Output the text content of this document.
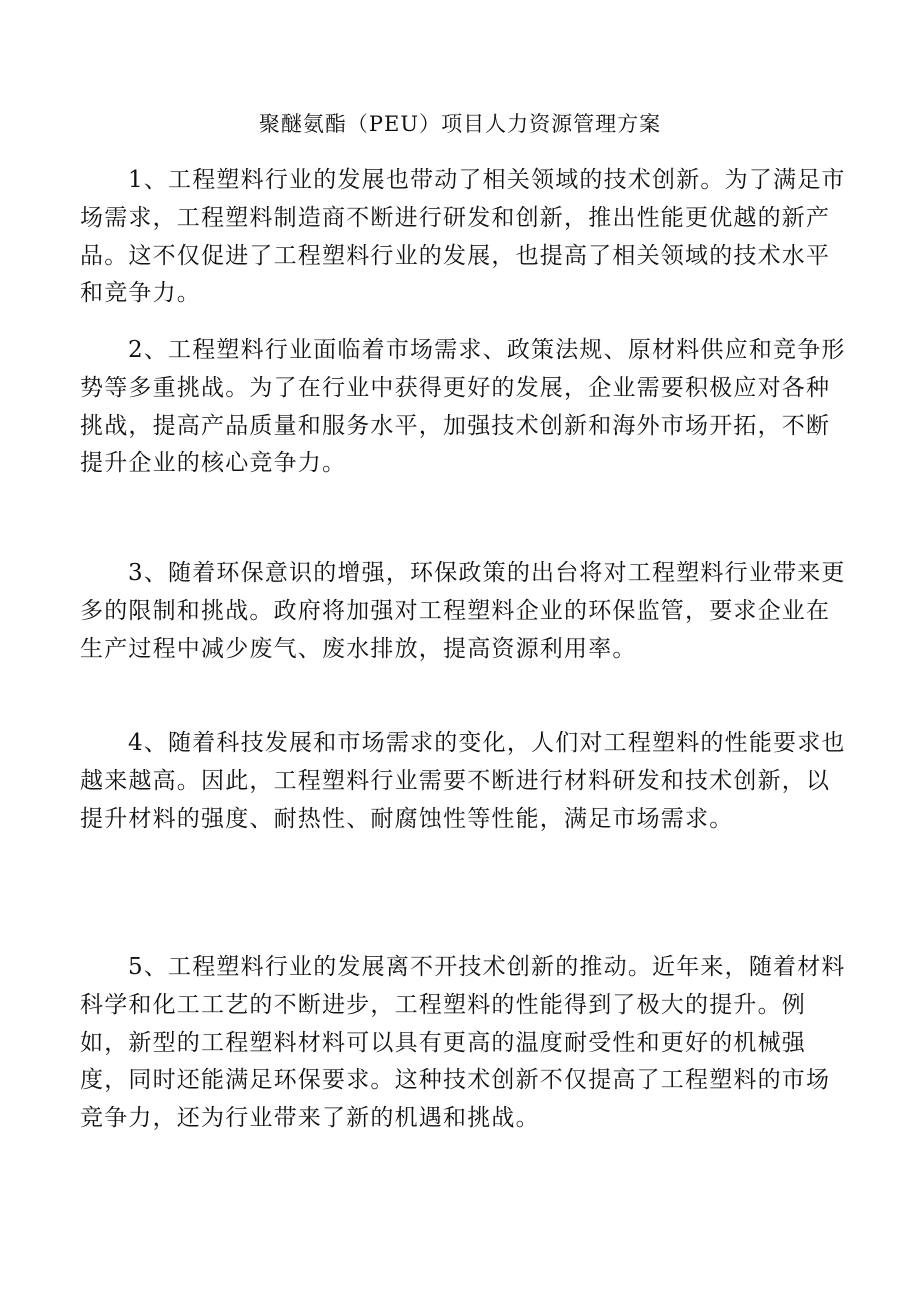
聚醚氨酯（PEU）项目人力资源管理方案

1、工程塑料行业的发展也带动了相关领域的技术创新。为了满足市场需求，工程塑料制造商不断进行研发和创新，推出性能更优越的新产品。这不仅促进了工程塑料行业的发展，也提高了相关领域的技术水平和竞争力。

2、工程塑料行业面临着市场需求、政策法规、原材料供应和竞争形势等多重挑战。为了在行业中获得更好的发展，企业需要积极应对各种挑战，提高产品质量和服务水平，加强技术创新和海外市场开拓，不断提升企业的核心竞争力。

3、随着环保意识的增强，环保政策的出台将对工程塑料行业带来更多的限制和挑战。政府将加强对工程塑料企业的环保监管，要求企业在生产过程中减少废气、废水排放，提高资源利用率。

4、随着科技发展和市场需求的变化，人们对工程塑料的性能要求也越来越高。因此，工程塑料行业需要不断进行材料研发和技术创新，以提升材料的强度、耐热性、耐腐蚀性等性能，满足市场需求。

5、工程塑料行业的发展离不开技术创新的推动。近年来，随着材料科学和化工工艺的不断进步，工程塑料的性能得到了极大的提升。例如，新型的工程塑料材料可以具有更高的温度耐受性和更好的机械强度，同时还能满足环保要求。这种技术创新不仅提高了工程塑料的市场竞争力，还为行业带来了新的机遇和挑战。
